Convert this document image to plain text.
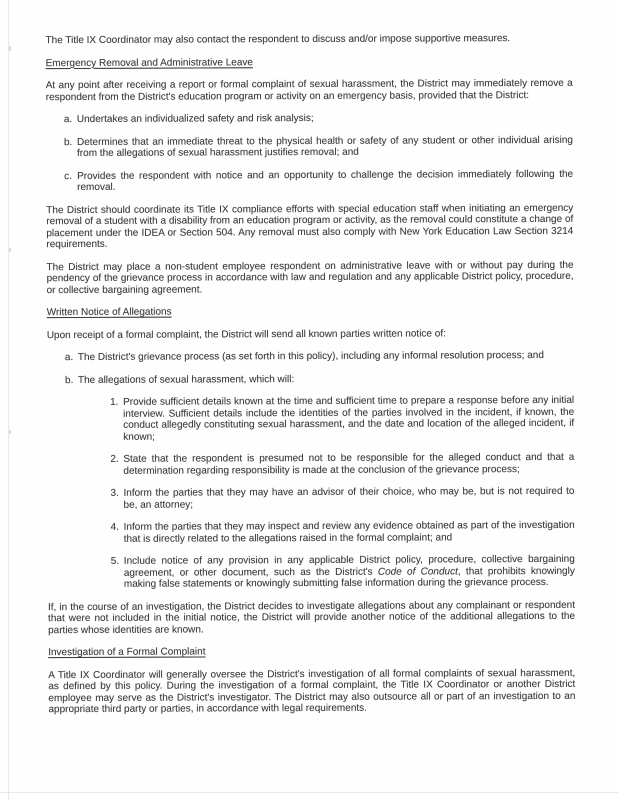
The Title IX Coordinator may also contact the respondent to discuss and/or impose supportive measures.
Emergency Removal and Administrative Leave
At any point after receiving a report or formal complaint of sexual harassment, the District may immediately remove a respondent from the District's education program or activity on an emergency basis, provided that the District:
a. Undertakes an individualized safety and risk analysis;
b. Determines that an immediate threat to the physical health or safety of any student or other individual arising from the allegations of sexual harassment justifies removal; and
c. Provides the respondent with notice and an opportunity to challenge the decision immediately following the removal.
The District should coordinate its Title IX compliance efforts with special education staff when initiating an emergency removal of a student with a disability from an education program or activity, as the removal could constitute a change of placement under the IDEA or Section 504. Any removal must also comply with New York Education Law Section 3214 requirements.
The District may place a non-student employee respondent on administrative leave with or without pay during the pendency of the grievance process in accordance with law and regulation and any applicable District policy, procedure, or collective bargaining agreement.
Written Notice of Allegations
Upon receipt of a formal complaint, the District will send all known parties written notice of:
a. The District's grievance process (as set forth in this policy), including any informal resolution process; and
b. The allegations of sexual harassment, which will:
1. Provide sufficient details known at the time and sufficient time to prepare a response before any initial interview. Sufficient details include the identities of the parties involved in the incident, if known, the conduct allegedly constituting sexual harassment, and the date and location of the alleged incident, if known;
2. State that the respondent is presumed not to be responsible for the alleged conduct and that a determination regarding responsibility is made at the conclusion of the grievance process;
3. Inform the parties that they may have an advisor of their choice, who may be, but is not required to be, an attorney;
4. Inform the parties that they may inspect and review any evidence obtained as part of the investigation that is directly related to the allegations raised in the formal complaint; and
5. Include notice of any provision in any applicable District policy, procedure, collective bargaining agreement, or other document, such as the District's Code of Conduct, that prohibits knowingly making false statements or knowingly submitting false information during the grievance process.
If, in the course of an investigation, the District decides to investigate allegations about any complainant or respondent that were not included in the initial notice, the District will provide another notice of the additional allegations to the parties whose identities are known.
Investigation of a Formal Complaint
A Title IX Coordinator will generally oversee the District's investigation of all formal complaints of sexual harassment, as defined by this policy. During the investigation of a formal complaint, the Title IX Coordinator or another District employee may serve as the District's investigator. The District may also outsource all or part of an investigation to an appropriate third party or parties, in accordance with legal requirements.
